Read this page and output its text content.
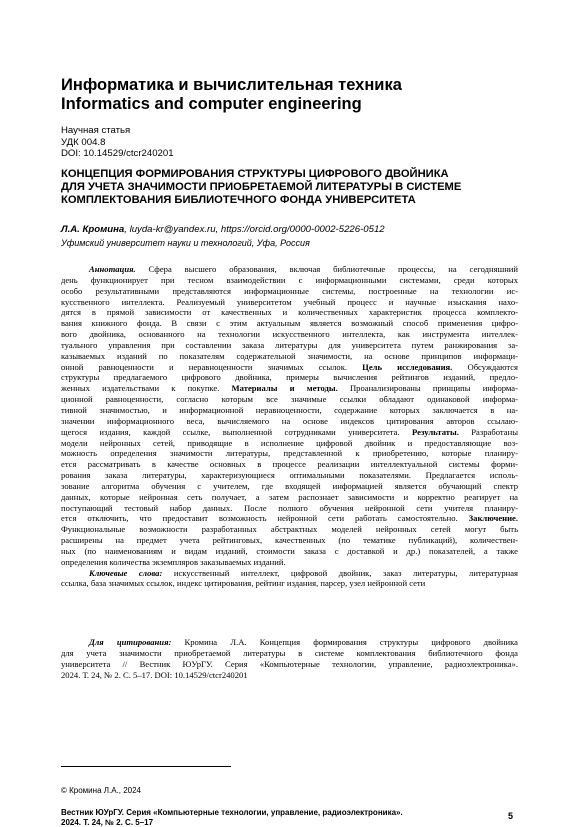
Информатика и вычислительная техника
Informatics and computer engineering
Научная статья
УДК 004.8
DOI: 10.14529/ctcr240201
КОНЦЕПЦИЯ ФОРМИРОВАНИЯ СТРУКТУРЫ ЦИФРОВОГО ДВОЙНИКА
ДЛЯ УЧЕТА ЗНАЧИМОСТИ ПРИОБРЕТАЕМОЙ ЛИТЕРАТУРЫ В СИСТЕМЕ
КОМПЛЕКТОВАНИЯ БИБЛИОТЕЧНОГО ФОНДА УНИВЕРСИТЕТА
Л.А. Кромина, luyda-kr@yandex.ru, https://orcid.org/0000-0002-5226-0512
Уфимский университет науки и технологий, Уфа, Россия
Аннотация. Сфера высшего образования, включая библиотечные процессы, на сегодняшний
день функционирует при тесном взаимодействии с информационными системами, среди которых
особо результативными представляются информационные системы, построенные на технологии ис-
кусственного интеллекта. Реализуемый университетом учебный процесс и научные изыскания нахо-
дятся в прямой зависимости от качественных и количественных характеристик процесса комплекто-
вания книжного фонда. В связи с этим актуальным является возможный способ применения цифро-
вого двойника, основанного на технологии искусственного интеллекта, как инструмента интеллек-
туального управления при составлении заказа литературы для университета путем ранжирования за-
казываемых изданий по показателям содержательной значимости, на основе принципов информаци-
онной равноценности и неравноценности значимых ссылок. Цель исследования. Обсуждаются
структуры предлагаемого цифрового двойника, примеры вычисления рейтингов изданий, предло-
женных издательствами к покупке. Материалы и методы. Проанализированы принципы информа-
ционной равноценности, согласно которым все значимые ссылки обладают одинаковой информа-
тивной значимостью, и информационной неравноценности, содержание которых заключается в на-
значении информационного веса, вычисляемого на основе индексов цитирования авторов ссылаю-
щегося издания, каждой ссылке, выполненной сотрудниками университета. Результаты. Разработаны
модели нейронных сетей, приводящие в исполнение цифровой двойник и предоставляющие воз-
можность определения значимости литературы, представленной к приобретению, которые планиру-
ется рассматривать в качестве основных в процессе реализации интеллектуальной системы форми-
рования заказа литературы, характеризующиеся оптимальными показателями. Предлагается исполь-
зование алгоритма обучения с учителем, где входящей информацией является обучающий спектр
данных, которые нейронная сеть получает, а затем распознает зависимости и корректно реагирует на
поступающий тестовый набор данных. После полного обучения нейронной сети учителя планиру-
ется отключить, что предоставит возможность нейронной сети работать самостоятельно. Заключение.
Функциональные возможности разработанных абстрактных моделей нейронных сетей могут быть
расширены на предмет учета рейтинговых, качественных (по тематике публикаций), количествен-
ных (по наименованиям и видам изданий, стоимости заказа с доставкой и др.) показателей, а также
определения количества экземпляров заказываемых изданий.
Ключевые слова: искусственный интеллект, цифровой двойник, заказ литературы, литературная
ссылка, база значимых ссылок, индекс цитирования, рейтинг издания, парсер, узел нейронной сети
Для цитирования: Кромина Л.А. Концепция формирования структуры цифрового двойника
для учета значимости приобретаемой литературы в системе комплектования библиотечного фонда
университета // Вестник ЮУрГУ. Серия «Компьютерные технологии, управление, радиоэлектроника».
2024. Т. 24, № 2. С. 5–17. DOI: 10.14529/ctcr240201
© Кромина Л.А., 2024
Вестник ЮУрГУ. Серия «Компьютерные технологии, управление, радиоэлектроника».
2024. Т. 24, № 2. С. 5–17
5
